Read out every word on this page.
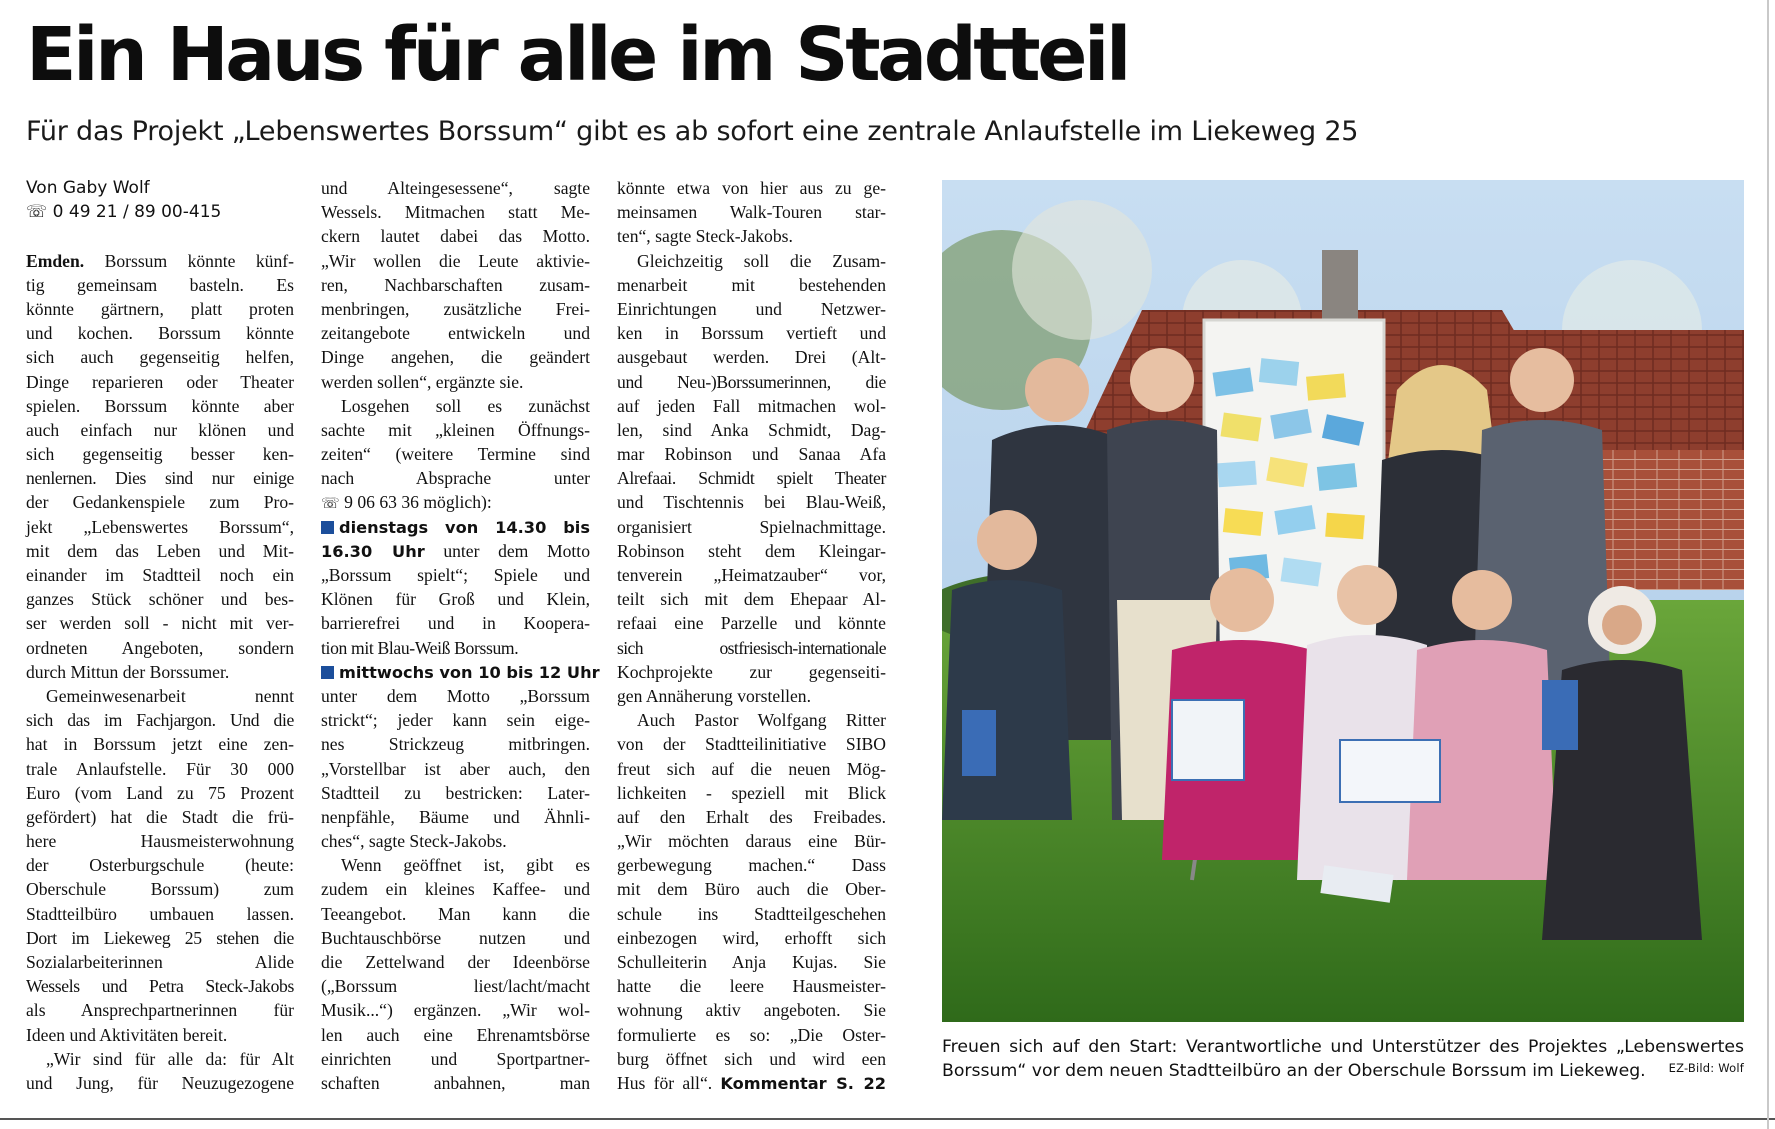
Ein Haus für alle im Stadtteil
Für das Projekt „Lebenswertes Borssum“ gibt es ab sofort eine zentrale Anlaufstelle im Liekeweg 25
Von Gaby Wolf
☏ 0 49 21 / 89 00-415
Emden. Borssum könnte künf-
tig gemeinsam basteln. Es
könnte gärtnern, platt proten
und kochen. Borssum könnte
sich auch gegenseitig helfen,
Dinge reparieren oder Theater
spielen. Borssum könnte aber
auch einfach nur klönen und
sich gegenseitig besser ken-
nenlernen. Dies sind nur einige
der Gedankenspiele zum Pro-
jekt „Lebenswertes Borssum“,
mit dem das Leben und Mit-
einander im Stadtteil noch ein
ganzes Stück schöner und bes-
ser werden soll - nicht mit ver-
ordneten Angeboten, sondern
durch Mittun der Borssumer.
Gemeinwesenarbeit nennt
sich das im Fachjargon. Und die
hat in Borssum jetzt eine zen-
trale Anlaufstelle. Für 30 000
Euro (vom Land zu 75 Prozent
gefördert) hat die Stadt die frü-
here Hausmeisterwohnung
der Osterburgschule (heute:
Oberschule Borssum) zum
Stadtteilbüro umbauen lassen.
Dort im Liekeweg 25 stehen die
Sozialarbeiterinnen Alide
Wessels und Petra Steck-Jakobs
als Ansprechpartnerinnen für
Ideen und Aktivitäten bereit.
„Wir sind für alle da: für Alt
und Jung, für Neuzugezogene
und Alteingesessene“, sagte
Wessels. Mitmachen statt Me-
ckern lautet dabei das Motto.
„Wir wollen die Leute aktivie-
ren, Nachbarschaften zusam-
menbringen, zusätzliche Frei-
zeitangebote entwickeln und
Dinge angehen, die geändert
werden sollen“, ergänzte sie.
Losgehen soll es zunächst
sachte mit „kleinen Öffnungs-
zeiten“ (weitere Termine sind
nach Absprache unter
☏ 9 06 63 36 möglich):
dienstags von 14.30 bis
16.30 Uhr unter dem Motto
„Borssum spielt“; Spiele und
Klönen für Groß und Klein,
barrierefrei und in Koopera-
tion mit Blau-Weiß Borssum.
mittwochs von 10 bis 12 Uhr
unter dem Motto „Borssum
strickt“; jeder kann sein eige-
nes Strickzeug mitbringen.
„Vorstellbar ist aber auch, den
Stadtteil zu bestricken: Later-
nenpfähle, Bäume und Ähnli-
ches“, sagte Steck-Jakobs.
Wenn geöffnet ist, gibt es
zudem ein kleines Kaffee- und
Teeangebot. Man kann die
Buchtauschbörse nutzen und
die Zettelwand der Ideenbörse
(„Borssum liest/lacht/macht
Musik...“) ergänzen. „Wir wol-
len auch eine Ehrenamtsbörse
einrichten und Sportpartner-
schaften anbahnen, man
könnte etwa von hier aus zu ge-
meinsamen Walk-Touren star-
ten“, sagte Steck-Jakobs.
Gleichzeitig soll die Zusam-
menarbeit mit bestehenden
Einrichtungen und Netzwer-
ken in Borssum vertieft und
ausgebaut werden. Drei (Alt-
und Neu-)Borssumerinnen, die
auf jeden Fall mitmachen wol-
len, sind Anka Schmidt, Dag-
mar Robinson und Sanaa Afa
Alrefaai. Schmidt spielt Theater
und Tischtennis bei Blau-Weiß,
organisiert Spielnachmittage.
Robinson steht dem Kleingar-
tenverein „Heimatzauber“ vor,
teilt sich mit dem Ehepaar Al-
refaai eine Parzelle und könnte
sich ostfriesisch-internationale
Kochprojekte zur gegenseiti-
gen Annäherung vorstellen.
Auch Pastor Wolfgang Ritter
von der Stadtteilinitiative SIBO
freut sich auf die neuen Mög-
lichkeiten - speziell mit Blick
auf den Erhalt des Freibades.
„Wir möchten daraus eine Bür-
gerbewegung machen.“ Dass
mit dem Büro auch die Ober-
schule ins Stadtteilgeschehen
einbezogen wird, erhofft sich
Schulleiterin Anja Kujas. Sie
hatte die leere Hausmeister-
wohnung aktiv angeboten. Sie
formulierte es so: „Die Oster-
burg öffnet sich und wird een
Hus för all“. Kommentar S. 22
Freuen sich auf den Start: Verantwortliche und Unterstützer des Projektes „Lebenswertes
Borssum“ vor dem neuen Stadtteilbüro an der Oberschule Borssum im Liekeweg.	EZ-Bild: Wolf
